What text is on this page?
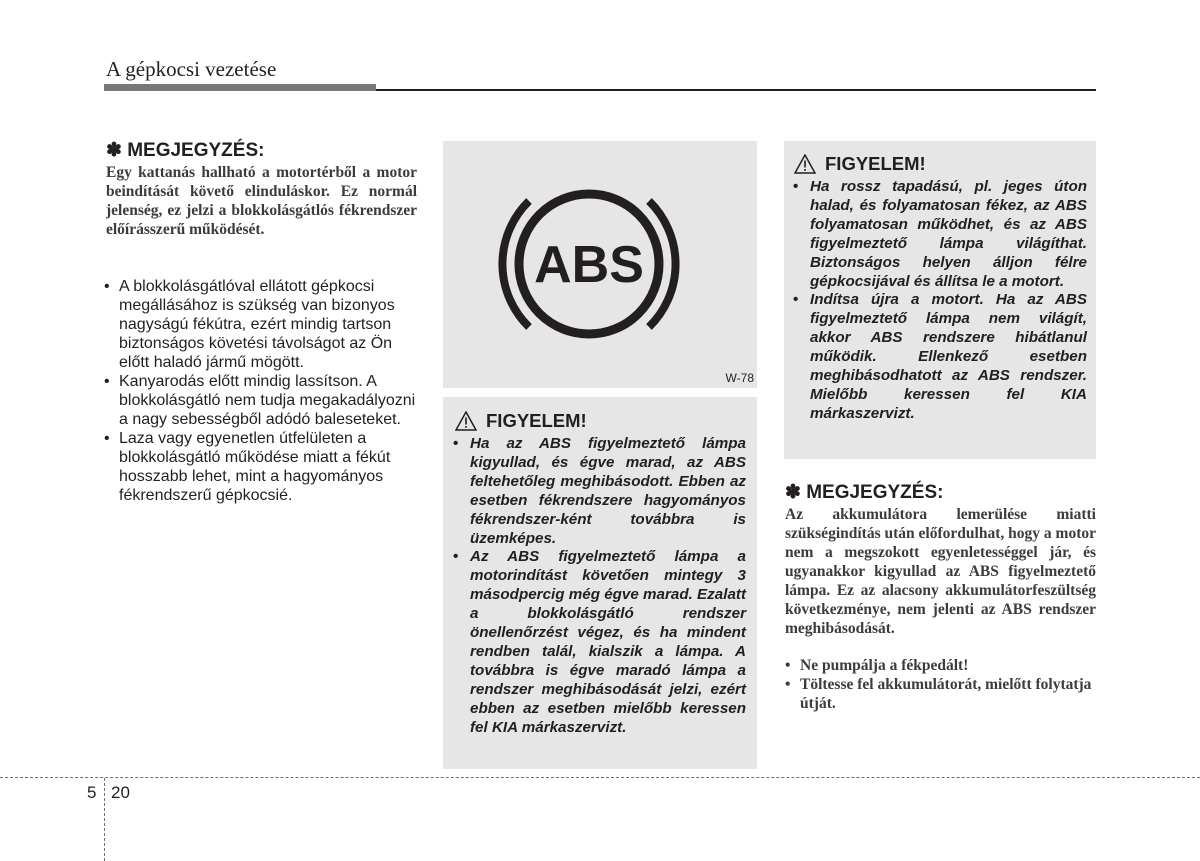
A gépkocsi vezetése
✽ MEGJEGYZÉS:
Egy kattanás hallható a motortérből a motor beindítását követő elinduláskor. Ez normál jelenség, ez jelzi a blokkolásgátlós fékrendszer előírásszerű működését.
• A blokkolásgátlóval ellátott gépkocsi megállásához is szükség van bizonyos nagyságú fékútra, ezért mindig tartson biztonságos követési távolságot az Ön előtt haladó jármű mögött.
• Kanyarodás előtt mindig lassítson. A blokkolásgátló nem tudja megakadályozni a nagy sebességből adódó baleseteket.
• Laza vagy egyenetlen útfelületen a blokkolásgátló működése miatt a fékút hosszabb lehet, mint a hagyományos fékrendszerű gépkocsié.
ABS
W-78
FIGYELEM!
• Ha az ABS figyelmeztető lámpa kigyullad, és égve marad, az ABS feltehetőleg meghibásodott. Ebben az esetben fékrendszere hagyományos fékrendszer-ként továbbra is üzemképes.
• Az ABS figyelmeztető lámpa a motorindítást követően mintegy 3 másodpercig még égve marad. Ezalatt a blokkolásgátló rendszer önellenőrzést végez, és ha mindent rendben talál, kialszik a lámpa. A továbbra is égve maradó lámpa a rendszer meghibásodását jelzi, ezért ebben az esetben mielőbb keressen fel KIA márkaszervizt.
FIGYELEM!
• Ha rossz tapadású, pl. jeges úton halad, és folyamatosan fékez, az ABS folyamatosan működhet, és az ABS figyelmeztető lámpa világíthat. Biztonságos helyen álljon félre gépkocsijával és állítsa le a motort.
• Indítsa újra a motort. Ha az ABS figyelmeztető lámpa nem világít, akkor ABS rendszere hibátlanul működik. Ellenkező esetben meghibásodhatott az ABS rendszer. Mielőbb keressen fel KIA márkaszervizt.
✽ MEGJEGYZÉS:
Az akkumulátora lemerülése miatti szükségindítás után előfordulhat, hogy a motor nem a megszokott egyenletességgel jár, és ugyanakkor kigyullad az ABS figyelmeztető lámpa. Ez az alacsony akkumulátorfeszültség következménye, nem jelenti az ABS rendszer meghibásodását.
• Ne pumpálja a fékpedált!
• Töltesse fel akkumulátorát, mielőtt folytatja útját.
5 20
